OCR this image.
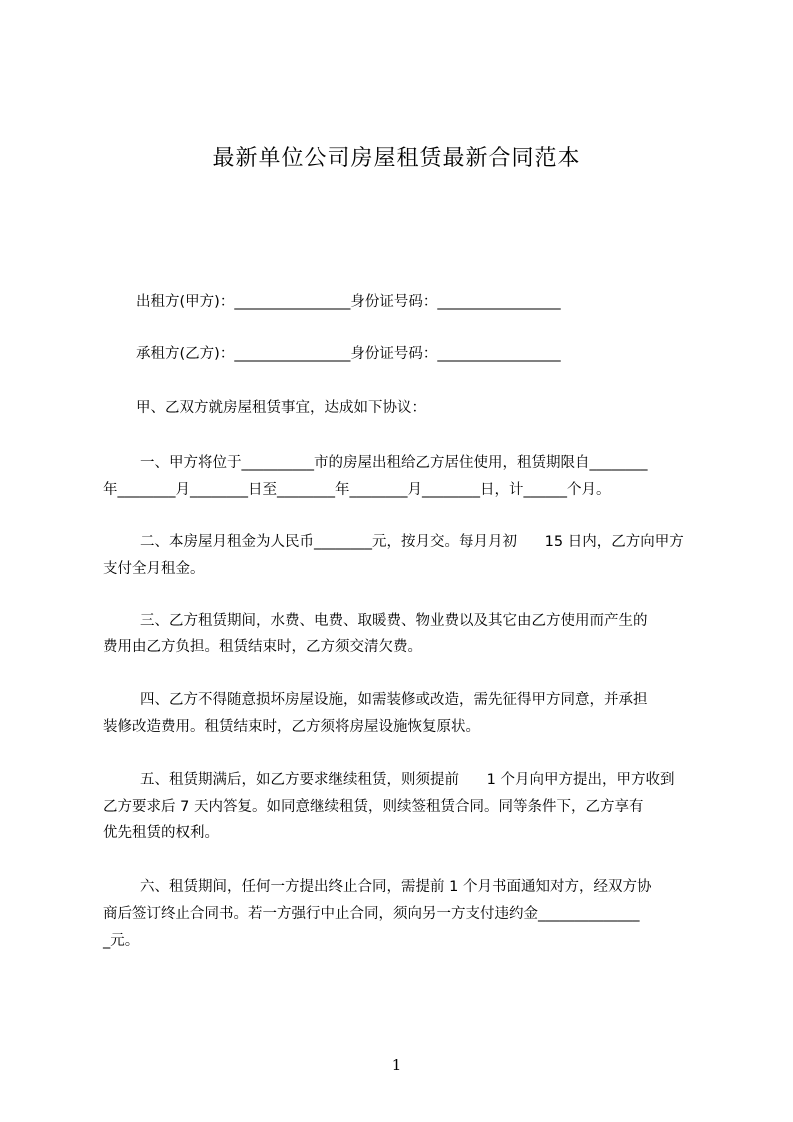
最新单位公司房屋租赁最新合同范本
出租方(甲方)：________________身份证号码：_________________
承租方(乙方)：________________身份证号码：_________________
甲、乙双方就房屋租赁事宜，达成如下协议：
一、甲方将位于__________市的房屋出租给乙方居住使用，租赁期限自________
年________月________日至________年________月________日，计______个月。
二、本房屋月租金为人民币________元，按月交。每月月初      15 日内，乙方向甲方
支付全月租金。
三、乙方租赁期间，水费、电费、取暖费、物业费以及其它由乙方使用而产生的
费用由乙方负担。租赁结束时，乙方须交清欠费。
四、乙方不得随意损坏房屋设施，如需装修或改造，需先征得甲方同意，并承担
装修改造费用。租赁结束时，乙方须将房屋设施恢复原状。
五、租赁期满后，如乙方要求继续租赁，则须提前      1 个月向甲方提出，甲方收到
乙方要求后 7 天内答复。如同意继续租赁，则续签租赁合同。同等条件下，乙方享有
优先租赁的权利。
六、租赁期间，任何一方提出终止合同，需提前 1 个月书面通知对方，经双方协
商后签订终止合同书。若一方强行中止合同，须向另一方支付违约金______________
_元。
1
